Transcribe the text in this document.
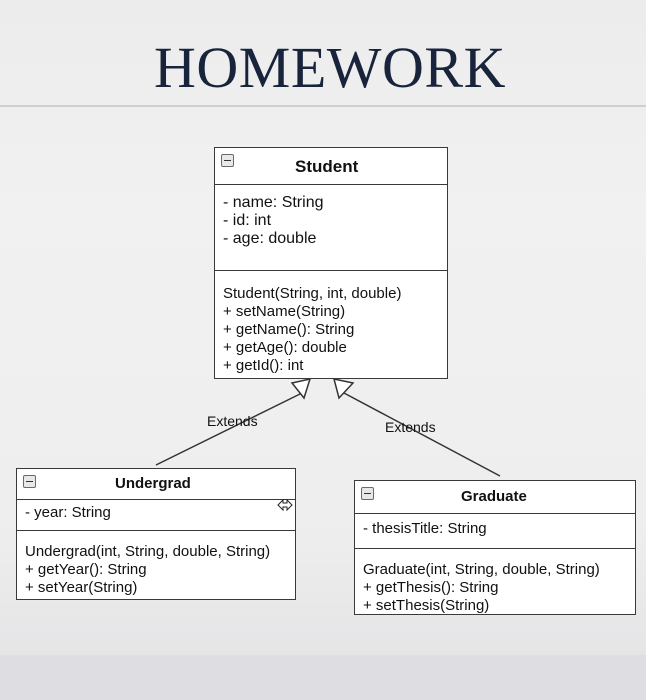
HOMEWORK
Extends	Extends
Student
- name: String
- id: int
- age: double
Student(String, int, double)
+ setName(String)
+ getName(): String
+ getAge(): double
+ getId(): int
Undergrad
- year: String
Undergrad(int, String, double, String)
+ getYear(): String
+ setYear(String)
Graduate
- thesisTitle: String
Graduate(int, String, double, String)
+ getThesis(): String
+ setThesis(String)
